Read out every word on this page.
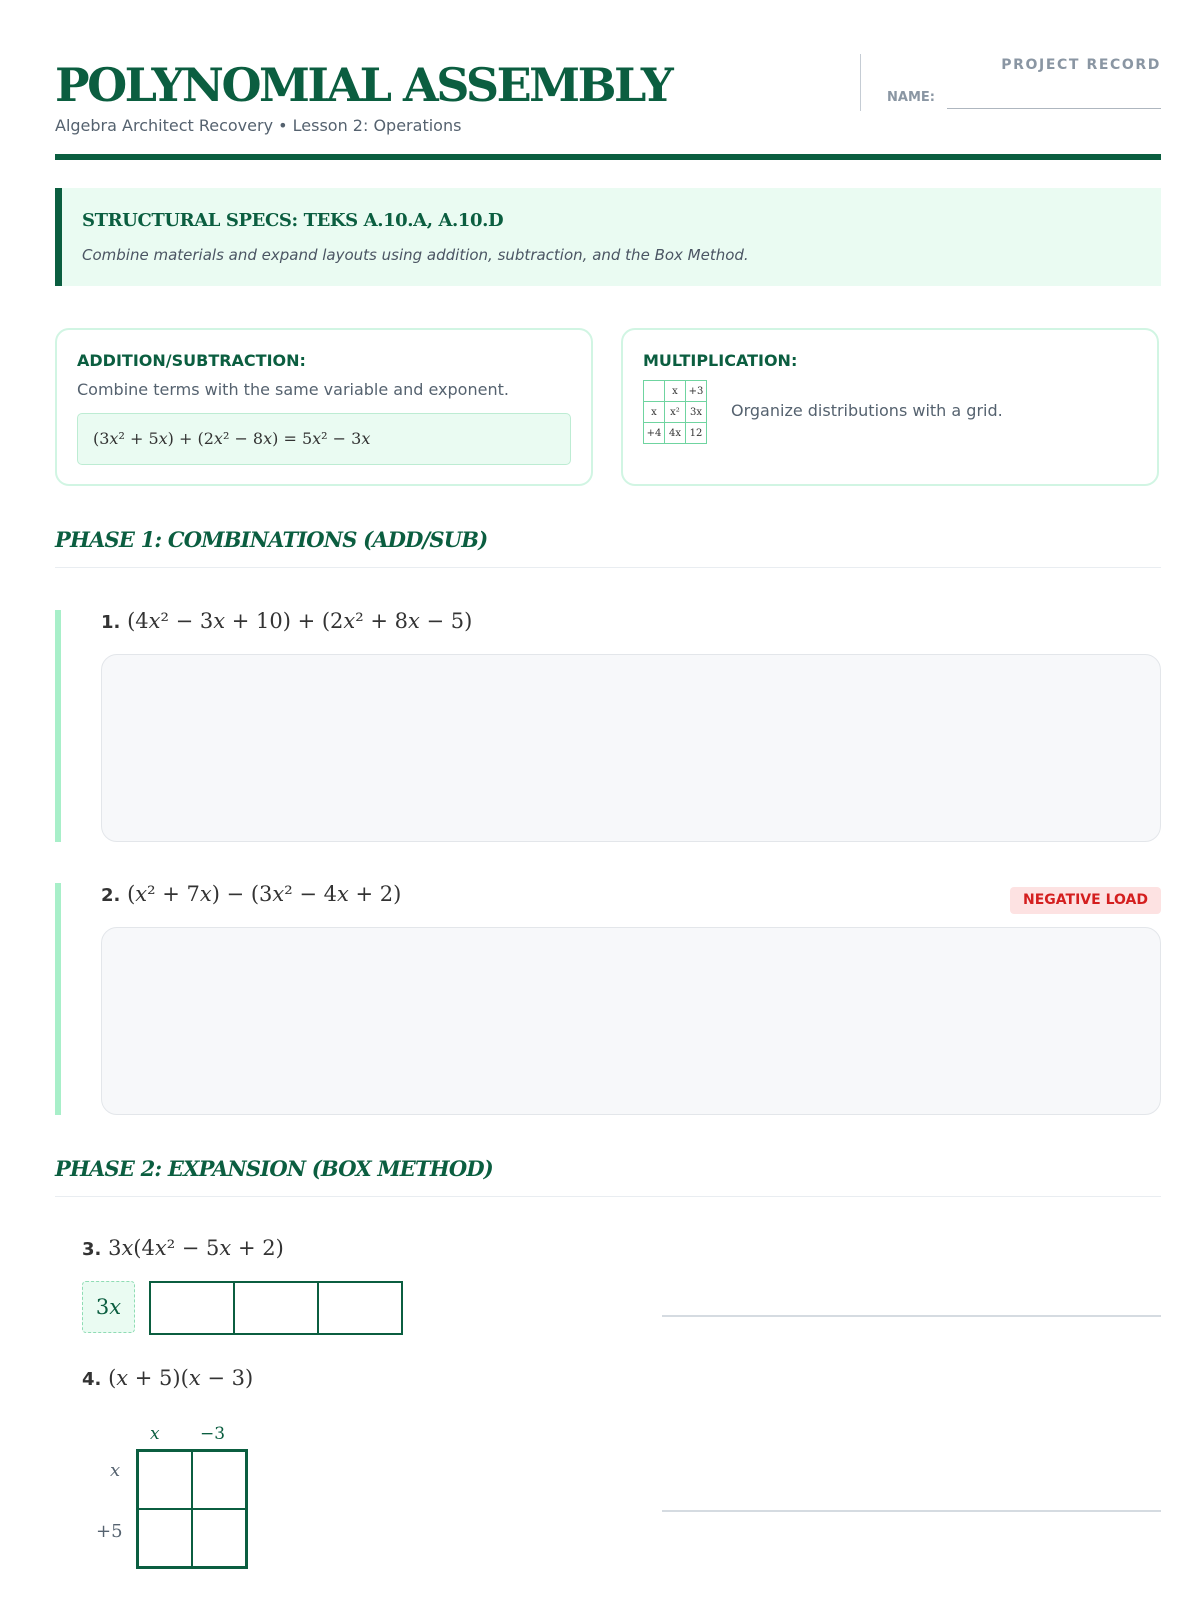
POLYNOMIAL ASSEMBLY
Algebra Architect Recovery • Lesson 2: Operations
PROJECT RECORD
NAME:
STRUCTURAL SPECS: TEKS A.10.A, A.10.D
Combine materials and expand layouts using addition, subtraction, and the Box Method.
ADDITION/SUBTRACTION:
Combine terms with the same variable and exponent.
(3x² + 5x) + (2x² − 8x) = 5x² − 3x
MULTIPLICATION:
	x	+3
x	x²	3x
+4	4x	12
Organize distributions with a grid.
PHASE 1: COMBINATIONS (ADD/SUB)
1. (4x² − 3x + 10) + (2x² + 8x − 5)
2. (x² + 7x) − (3x² − 4x + 2)	NEGATIVE LOAD
PHASE 2: EXPANSION (BOX METHOD)
3. 3x(4x² − 5x + 2)
3x

4. (x + 5)(x − 3)
x −3
x
+5
